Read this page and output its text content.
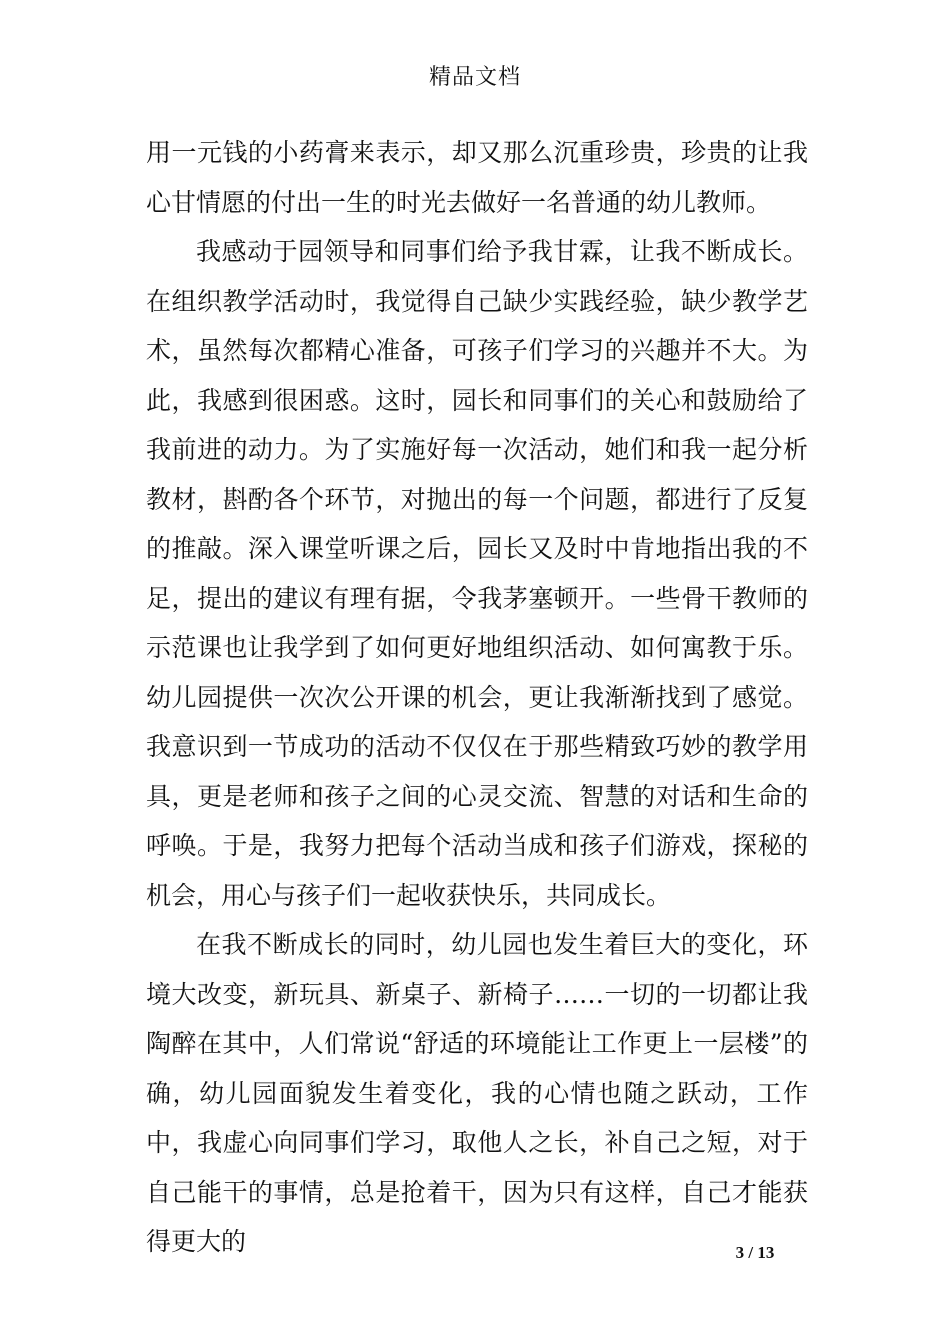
精品文档

用一元钱的小药膏来表示，却又那么沉重珍贵，珍贵的让我心甘情愿的付出一生的时光去做好一名普通的幼儿教师。

我感动于园领导和同事们给予我甘霖，让我不断成长。在组织教学活动时，我觉得自己缺少实践经验，缺少教学艺术，虽然每次都精心准备，可孩子们学习的兴趣并不大。为此，我感到很困惑。这时，园长和同事们的关心和鼓励给了我前进的动力。为了实施好每一次活动，她们和我一起分析教材，斟酌各个环节，对抛出的每一个问题，都进行了反复的推敲。深入课堂听课之后，园长又及时中肯地指出我的不足，提出的建议有理有据，令我茅塞顿开。一些骨干教师的示范课也让我学到了如何更好地组织活动、如何寓教于乐。幼儿园提供一次次公开课的机会，更让我渐渐找到了感觉。我意识到一节成功的活动不仅仅在于那些精致巧妙的教学用具，更是老师和孩子之间的心灵交流、智慧的对话和生命的呼唤。于是，我努力把每个活动当成和孩子们游戏，探秘的机会，用心与孩子们一起收获快乐，共同成长。

在我不断成长的同时，幼儿园也发生着巨大的变化，环境大改变，新玩具、新桌子、新椅子……一切的一切都让我陶醉在其中，人们常说“舒适的环境能让工作更上一层楼”的确，幼儿园面貌发生着变化，我的心情也随之跃动，工作中，我虚心向同事们学习，取他人之长，补自己之短，对于自己能干的事情，总是抢着干，因为只有这样，自己才能获得更大的	3 / 13
